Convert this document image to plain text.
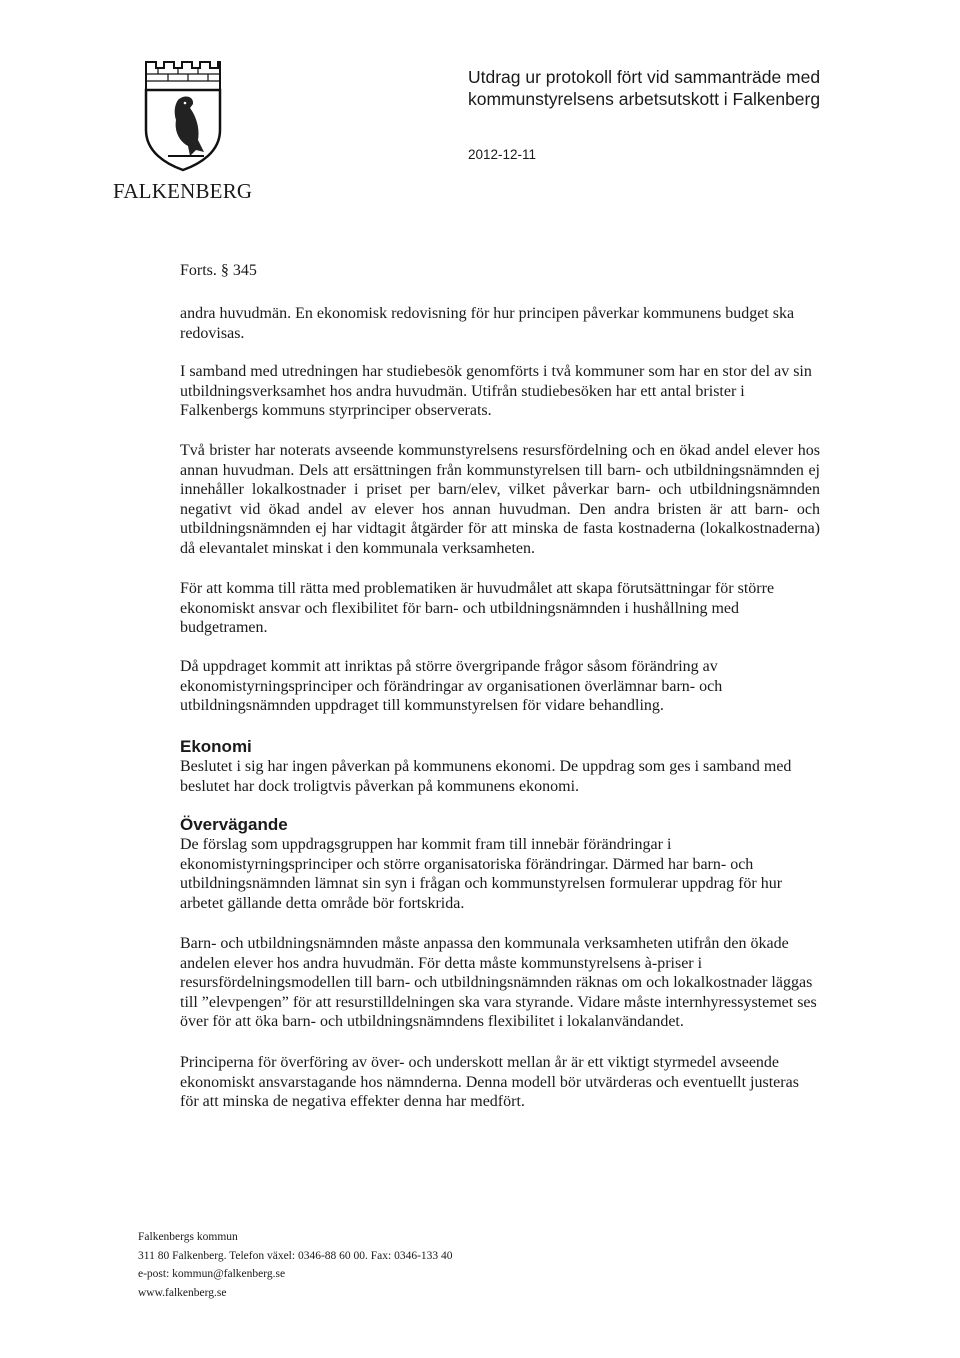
FALKENBERG
Utdrag ur protokoll fört vid sammanträde med
kommunstyrelsens arbetsutskott i Falkenberg
2012-12-11
Forts. § 345

andra huvudmän. En ekonomisk redovisning för hur principen påverkar kommunens budget ska redovisas.

I samband med utredningen har studiebesök genomförts i två kommuner som har en stor del av sin utbildningsverksamhet hos andra huvudmän. Utifrån studiebesöken har ett antal brister i Falkenbergs kommuns styrprinciper observerats.

Två brister har noterats avseende kommunstyrelsens resursfördelning och en ökad andel elever hos annan huvudman. Dels att ersättningen från kommunstyrelsen till barn- och utbildningsnämnden ej innehåller lokalkostnader i priset per barn/elev, vilket påverkar barn- och utbildningsnämnden negativt vid ökad andel av elever hos annan huvudman. Den andra bristen är att barn- och utbildningsnämnden ej har vidtagit åtgärder för att minska de fasta kostnaderna (lokalkostnaderna) då elevantalet minskat i den kommunala verksamheten.

För att komma till rätta med problematiken är huvudmålet att skapa förutsättningar för större ekonomiskt ansvar och flexibilitet för barn- och utbildningsnämnden i hushållning med budgetramen.

Då uppdraget kommit att inriktas på större övergripande frågor såsom förändring av ekonomistyrningsprinciper och förändringar av organisationen överlämnar barn- och utbildningsnämnden uppdraget till kommunstyrelsen för vidare behandling.

Ekonomi

Beslutet i sig har ingen påverkan på kommunens ekonomi. De uppdrag som ges i samband med beslutet har dock troligtvis påverkan på kommunens ekonomi.

Övervägande

De förslag som uppdragsgruppen har kommit fram till innebär förändringar i ekonomistyrningsprinciper och större organisatoriska förändringar. Därmed har barn- och utbildningsnämnden lämnat sin syn i frågan och kommunstyrelsen formulerar uppdrag för hur arbetet gällande detta område bör fortskrida.

Barn- och utbildningsnämnden måste anpassa den kommunala verksamheten utifrån den ökade andelen elever hos andra huvudmän. För detta måste kommunstyrelsens à-priser i resursfördelningsmodellen till barn- och utbildningsnämnden räknas om och lokalkostnader läggas till ”elevpengen” för att resurstilldelningen ska vara styrande. Vidare måste internhyressystemet ses över för att öka barn- och utbildningsnämndens flexibilitet i lokalanvändandet.

Principerna för överföring av över- och underskott mellan år är ett viktigt styrmedel avseende ekonomiskt ansvarstagande hos nämnderna. Denna modell bör utvärderas och eventuellt justeras för att minska de negativa effekter denna har medfört.

Falkenbergs kommun
311 80 Falkenberg. Telefon växel: 0346-88 60 00. Fax: 0346-133 40
e-post: kommun@falkenberg.se
www.falkenberg.se
